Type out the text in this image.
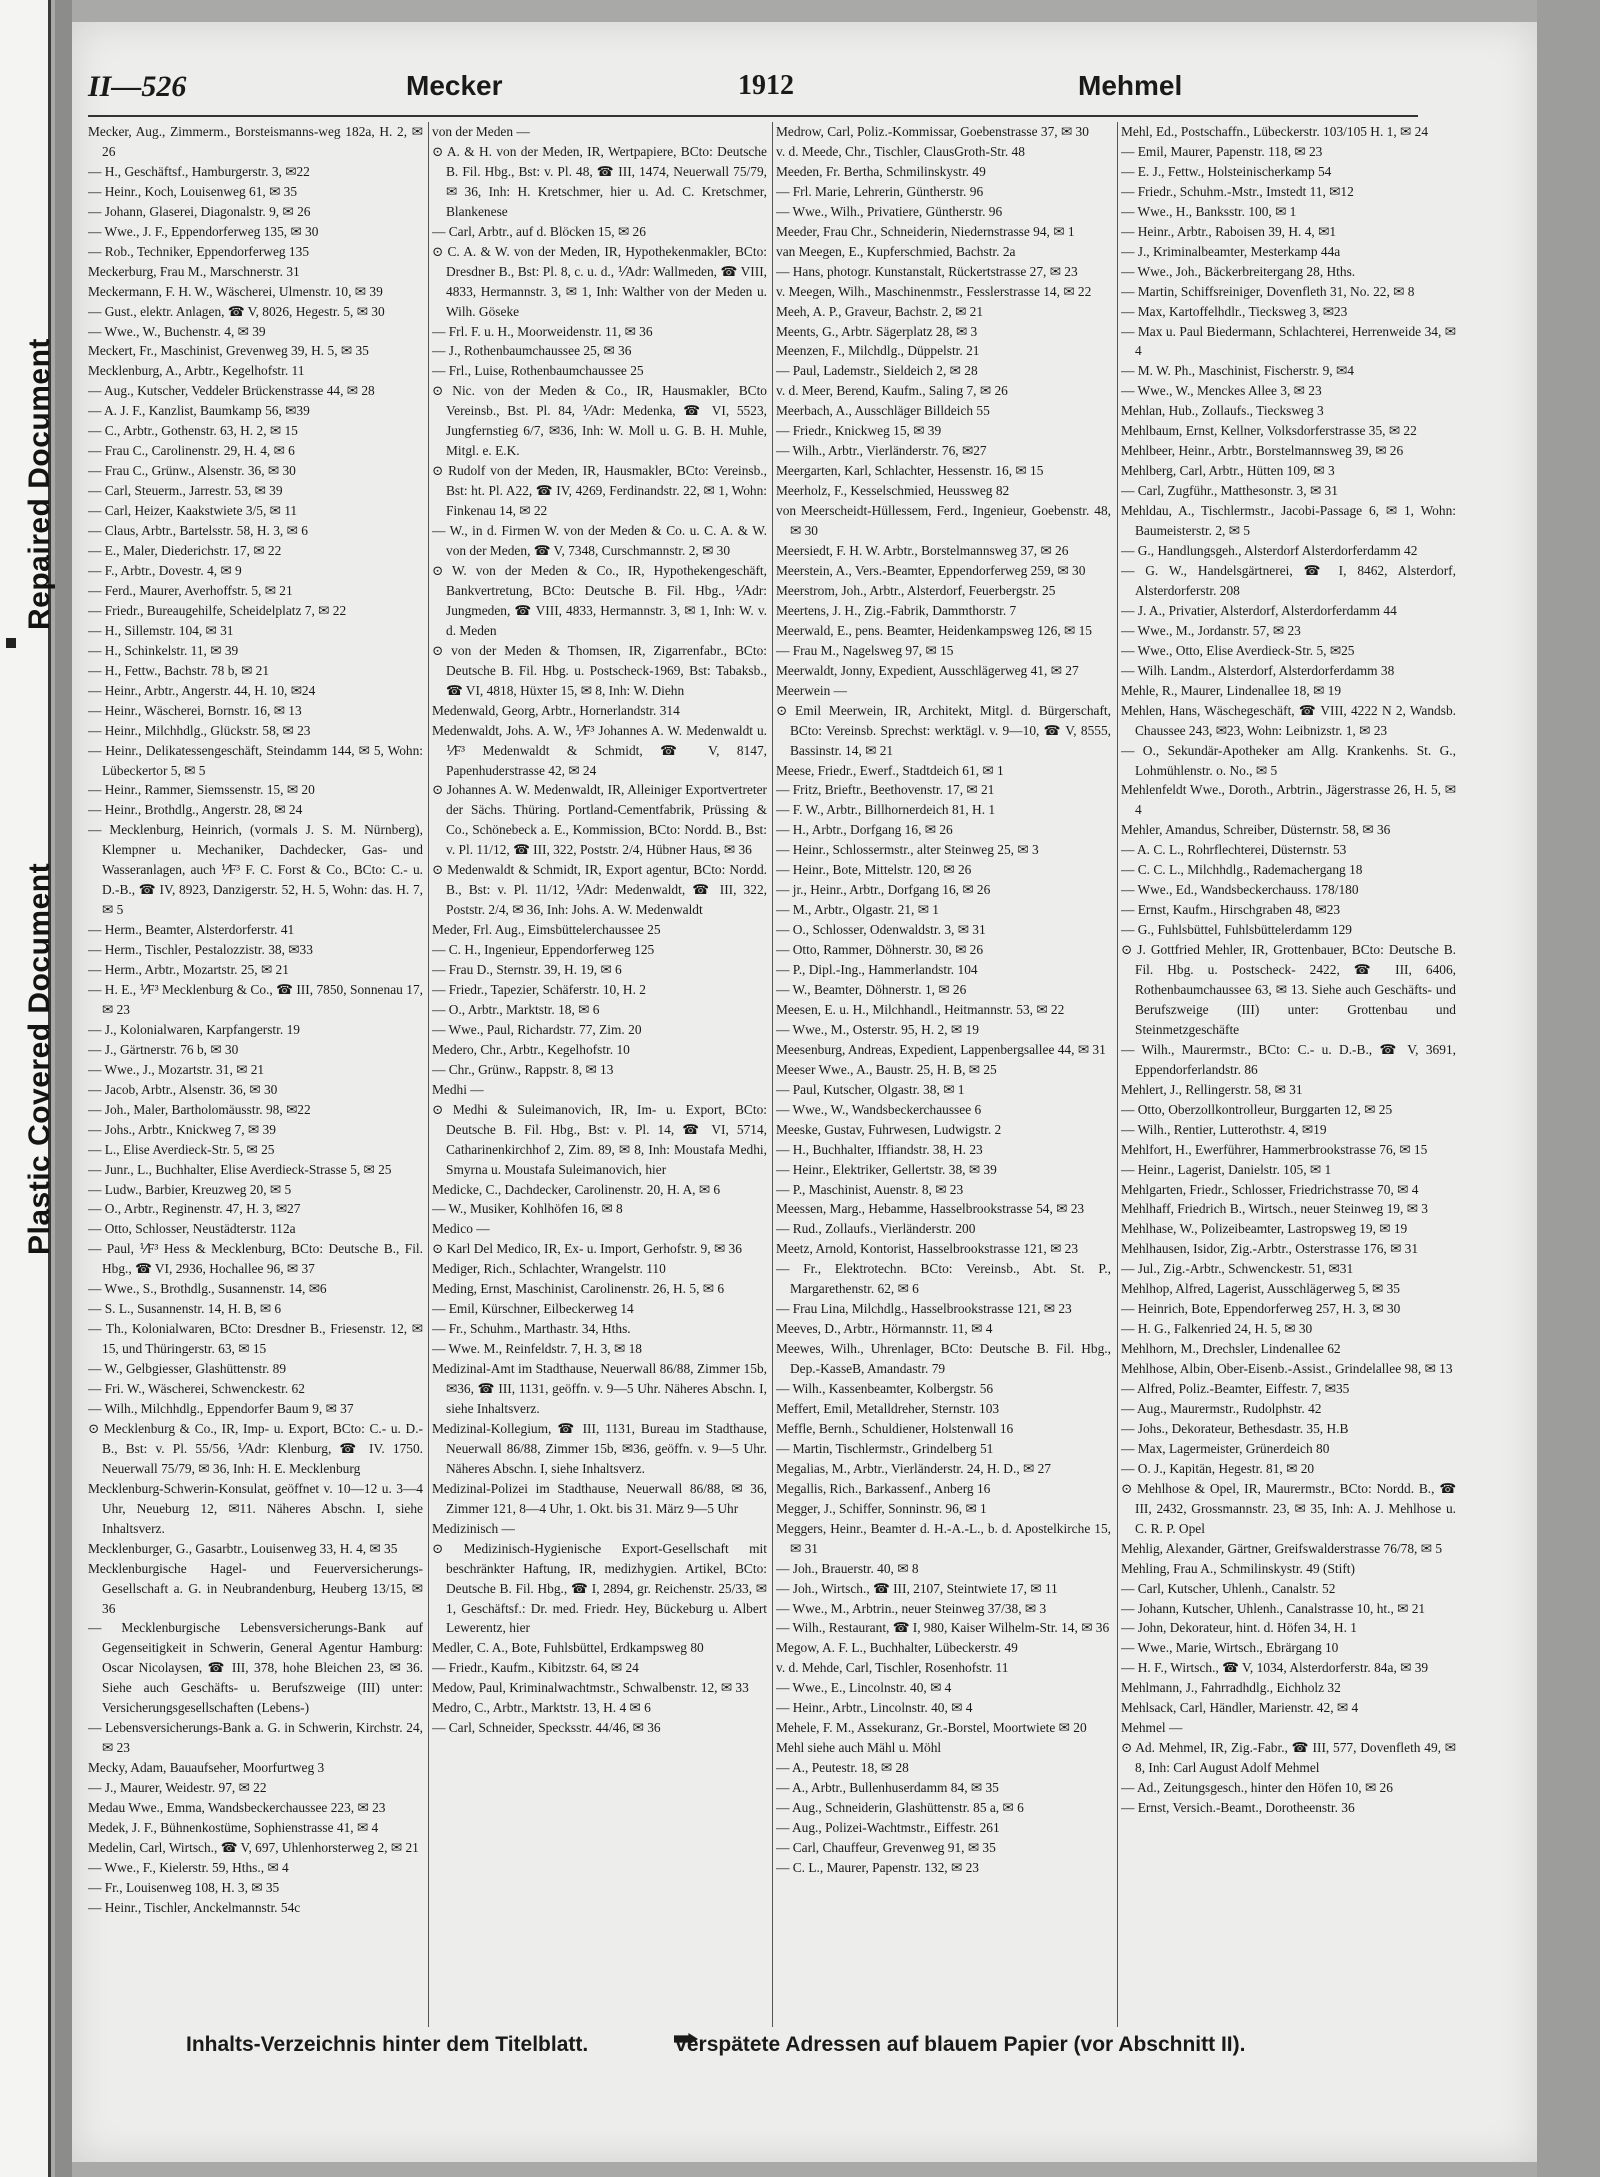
Repaired Document
Plastic Covered Document
II—526	Mecker	1912	Mehmel

Mecker, Aug., Zimmerm., Borsteismanns-weg 182a, H. 2, ✉ 26

— H., Geschäftsf., Hamburgerstr. 3, ✉22

— Heinr., Koch, Louisenweg 61, ✉ 35

— Johann, Glaserei, Diagonalstr. 9, ✉ 26

— Wwe., J. F., Eppendorferweg 135, ✉ 30

— Rob., Techniker, Eppendorferweg 135

Meckerburg, Frau M., Marschnerstr. 31

Meckermann, F. H. W., Wäscherei, Ulmenstr. 10, ✉ 39

— Gust., elektr. Anlagen, ☎ V, 8026, Hegestr. 5, ✉ 30

— Wwe., W., Buchenstr. 4, ✉ 39

Meckert, Fr., Maschinist, Grevenweg 39, H. 5, ✉ 35

Mecklenburg, A., Arbtr., Kegelhofstr. 11

— Aug., Kutscher, Veddeler Brückenstrasse 44, ✉ 28

— A. J. F., Kanzlist, Baumkamp 56, ✉39

— C., Arbtr., Gothenstr. 63, H. 2, ✉ 15

— Frau C., Carolinenstr. 29, H. 4, ✉ 6

— Frau C., Grünw., Alsenstr. 36, ✉ 30

— Carl, Steuerm., Jarrestr. 53, ✉ 39

— Carl, Heizer, Kaakstwiete 3/5, ✉ 11

— Claus, Arbtr., Bartelsstr. 58, H. 3, ✉ 6

— E., Maler, Diederichstr. 17, ✉ 22

— F., Arbtr., Dovestr. 4, ✉ 9

— Ferd., Maurer, Averhoffstr. 5, ✉ 21

— Friedr., Bureaugehilfe, Scheidelplatz 7, ✉ 22

— H., Sillemstr. 104, ✉ 31

— H., Schinkelstr. 11, ✉ 39

— H., Fettw., Bachstr. 78 b, ✉ 21

— Heinr., Arbtr., Angerstr. 44, H. 10, ✉24

— Heinr., Wäscherei, Bornstr. 16, ✉ 13

— Heinr., Milchhdlg., Glückstr. 58, ✉ 23

— Heinr., Delikatessengeschäft, Steindamm 144, ✉ 5, Wohn: Lübeckertor 5, ✉ 5

— Heinr., Rammer, Siemssenstr. 15, ✉ 20

— Heinr., Brothdlg., Angerstr. 28, ✉ 24

— Mecklenburg, Heinrich, (vormals J. S. M. Nürnberg), Klempner u. Mechaniker, Dachdecker, Gas- und Wasseranlagen, auch ⅟F³ F. C. Forst & Co., BCto: C.- u. D.-B., ☎ IV, 8923, Danzigerstr. 52, H. 5, Wohn: das. H. 7, ✉ 5

— Herm., Beamter, Alsterdorferstr. 41

— Herm., Tischler, Pestalozzistr. 38, ✉33

— Herm., Arbtr., Mozartstr. 25, ✉ 21

— H. E., ⅟F³ Mecklenburg & Co., ☎ III, 7850, Sonnenau 17, ✉ 23

— J., Kolonialwaren, Karpfangerstr. 19

— J., Gärtnerstr. 76 b, ✉ 30

— Wwe., J., Mozartstr. 31, ✉ 21

— Jacob, Arbtr., Alsenstr. 36, ✉ 30

— Joh., Maler, Bartholomäusstr. 98, ✉22

— Johs., Arbtr., Knickweg 7, ✉ 39

— L., Elise Averdieck-Str. 5, ✉ 25

— Junr., L., Buchhalter, Elise Averdieck-Strasse 5, ✉ 25

— Ludw., Barbier, Kreuzweg 20, ✉ 5

— O., Arbtr., Reginenstr. 47, H. 3, ✉27

— Otto, Schlosser, Neustädterstr. 112a

— Paul, ⅟F³ Hess & Mecklenburg, BCto: Deutsche B., Fil. Hbg., ☎ VI, 2936, Hochallee 96, ✉ 37

— Wwe., S., Brothdlg., Susannenstr. 14, ✉6

— S. L., Susannenstr. 14, H. B, ✉ 6

— Th., Kolonialwaren, BCto: Dresdner B., Friesenstr. 12, ✉ 15, und Thüringerstr. 63, ✉ 15

— W., Gelbgiesser, Glashüttenstr. 89

— Fri. W., Wäscherei, Schwenckestr. 62

— Wilh., Milchhdlg., Eppendorfer Baum 9, ✉ 37

⊙ Mecklenburg & Co., IR, Imp- u. Export, BCto: C.- u. D.-B., Bst: v. Pl. 55/56, ⅟Adr: Klenburg, ☎ IV. 1750. Neuerwall 75/79, ✉ 36, Inh: H. E. Mecklenburg

Mecklenburg-Schwerin-Konsulat, geöffnet v. 10—12 u. 3—4 Uhr, Neueburg 12, ✉11. Näheres Abschn. I, siehe Inhaltsverz.

Mecklenburger, G., Gasarbtr., Louisenweg 33, H. 4, ✉ 35

Mecklenburgische Hagel- und Feuerversicherungs-Gesellschaft a. G. in Neubrandenburg, Heuberg 13/15, ✉ 36

— Mecklenburgische Lebensversicherungs-Bank auf Gegenseitigkeit in Schwerin, General Agentur Hamburg: Oscar Nicolaysen, ☎ III, 378, hohe Bleichen 23, ✉ 36. Siehe auch Geschäfts- u. Berufszweige (III) unter: Versicherungsgesellschaften (Lebens-)

— Lebensversicherungs-Bank a. G. in Schwerin, Kirchstr. 24, ✉ 23

Mecky, Adam, Bauaufseher, Moorfurtweg 3

— J., Maurer, Weidestr. 97, ✉ 22

Medau Wwe., Emma, Wandsbeckerchaussee 223, ✉ 23

Medek, J. F., Bühnenkostüme, Sophienstrasse 41, ✉ 4

Medelin, Carl, Wirtsch., ☎ V, 697, Uhlenhorsterweg 2, ✉ 21

— Wwe., F., Kielerstr. 59, Hths., ✉ 4

— Fr., Louisenweg 108, H. 3, ✉ 35

— Heinr., Tischler, Anckelmannstr. 54c

von der Meden —

⊙ A. & H. von der Meden, IR, Wertpapiere, BCto: Deutsche B. Fil. Hbg., Bst: v. Pl. 48, ☎ III, 1474, Neuerwall 75/79, ✉ 36, Inh: H. Kretschmer, hier u. Ad. C. Kretschmer, Blankenese

— Carl, Arbtr., auf d. Blöcken 15, ✉ 26

⊙ C. A. & W. von der Meden, IR, Hypothekenmakler, BCto: Dresdner B., Bst: Pl. 8, c. u. d., ⅟Adr: Wallmeden, ☎ VIII, 4833, Hermannstr. 3, ✉ 1, Inh: Walther von der Meden u. Wilh. Göseke

— Frl. F. u. H., Moorweidenstr. 11, ✉ 36

— J., Rothenbaumchaussee 25, ✉ 36

— Frl., Luise, Rothenbaumchaussee 25

⊙ Nic. von der Meden & Co., IR, Hausmakler, BCto Vereinsb., Bst. Pl. 84, ⅟Adr: Medenka, ☎ VI, 5523, Jungfernstieg 6/7, ✉36, Inh: W. Moll u. G. B. H. Muhle, Mitgl. e. E.K.

⊙ Rudolf von der Meden, IR, Hausmakler, BCto: Vereinsb., Bst: ht. Pl. A22, ☎ IV, 4269, Ferdinandstr. 22, ✉ 1, Wohn: Finkenau 14, ✉ 22

— W., in d. Firmen W. von der Meden & Co. u. C. A. & W. von der Meden, ☎ V, 7348, Curschmannstr. 2, ✉ 30

⊙ W. von der Meden & Co., IR, Hypothekengeschäft, Bankvertretung, BCto: Deutsche B. Fil. Hbg., ⅟Adr: Jungmeden, ☎ VIII, 4833, Hermannstr. 3, ✉ 1, Inh: W. v. d. Meden

⊙ von der Meden & Thomsen, IR, Zigarrenfabr., BCto: Deutsche B. Fil. Hbg. u. Postscheck-1969, Bst: Tabaksb., ☎ VI, 4818, Hüxter 15, ✉ 8, Inh: W. Diehn

Medenwald, Georg, Arbtr., Hornerlandstr. 314

Medenwaldt, Johs. A. W., ⅟F³ Johannes A. W. Medenwaldt u. ⅟F³ Medenwaldt & Schmidt, ☎ V, 8147, Papenhuderstrasse 42, ✉ 24

⊙ Johannes A. W. Medenwaldt, IR, Alleiniger Exportvertreter der Sächs. Thüring. Portland-Cementfabrik, Prüssing & Co., Schönebeck a. E., Kommission, BCto: Nordd. B., Bst: v. Pl. 11/12, ☎ III, 322, Poststr. 2/4, Hübner Haus, ✉ 36

⊙ Medenwaldt & Schmidt, IR, Export agentur, BCto: Nordd. B., Bst: v. Pl. 11/12, ⅟Adr: Medenwaldt, ☎ III, 322, Poststr. 2/4, ✉ 36, Inh: Johs. A. W. Medenwaldt

Meder, Frl. Aug., Eimsbüttelerchaussee 25

— C. H., Ingenieur, Eppendorferweg 125

— Frau D., Sternstr. 39, H. 19, ✉ 6

— Friedr., Tapezier, Schäferstr. 10, H. 2

— O., Arbtr., Marktstr. 18, ✉ 6

— Wwe., Paul, Richardstr. 77, Zim. 20

Medero, Chr., Arbtr., Kegelhofstr. 10

— Chr., Grünw., Rappstr. 8, ✉ 13

Medhi —

⊙ Medhi & Suleimanovich, IR, Im- u. Export, BCto: Deutsche B. Fil. Hbg., Bst: v. Pl. 14, ☎ VI, 5714, Catharinenkirchhof 2, Zim. 89, ✉ 8, Inh: Moustafa Medhi, Smyrna u. Moustafa Suleimanovich, hier

Medicke, C., Dachdecker, Carolinenstr. 20, H. A, ✉ 6

— W., Musiker, Kohlhöfen 16, ✉ 8

Medico —

⊙ Karl Del Medico, IR, Ex- u. Import, Gerhofstr. 9, ✉ 36

Mediger, Rich., Schlachter, Wrangelstr. 110

Meding, Ernst, Maschinist, Carolinenstr. 26, H. 5, ✉ 6

— Emil, Kürschner, Eilbeckerweg 14

— Fr., Schuhm., Marthastr. 34, Hths.

— Wwe. M., Reinfeldstr. 7, H. 3, ✉ 18

Medizinal-Amt im Stadthause, Neuerwall 86/88, Zimmer 15b, ✉36, ☎ III, 1131, geöffn. v. 9—5 Uhr. Näheres Abschn. I, siehe Inhaltsverz.

Medizinal-Kollegium, ☎ III, 1131, Bureau im Stadthause, Neuerwall 86/88, Zimmer 15b, ✉36, geöffn. v. 9—5 Uhr. Näheres Abschn. I, siehe Inhaltsverz.

Medizinal-Polizei im Stadthause, Neuerwall 86/88, ✉ 36, Zimmer 121, 8—4 Uhr, 1. Okt. bis 31. März 9—5 Uhr

Medizinisch —

⊙ Medizinisch-Hygienische Export-Gesellschaft mit beschränkter Haftung, IR, medizhygien. Artikel, BCto: Deutsche B. Fil. Hbg., ☎ I, 2894, gr. Reichenstr. 25/33, ✉ 1, Geschäftsf.: Dr. med. Friedr. Hey, Bückeburg u. Albert Lewerentz, hier

Medler, C. A., Bote, Fuhlsbüttel, Erdkampsweg 80

— Friedr., Kaufm., Kibitzstr. 64, ✉ 24

Medow, Paul, Kriminalwachtmstr., Schwalbenstr. 12, ✉ 33

Medro, C., Arbtr., Marktstr. 13, H. 4 ✉ 6

— Carl, Schneider, Specksstr. 44/46, ✉ 36

Medrow, Carl, Poliz.-Kommissar, Goebenstrasse 37, ✉ 30

v. d. Meede, Chr., Tischler, ClausGroth-Str. 48

Meeden, Fr. Bertha, Schmilinskystr. 49

— Frl. Marie, Lehrerin, Güntherstr. 96

— Wwe., Wilh., Privatiere, Güntherstr. 96

Meeder, Frau Chr., Schneiderin, Niedernstrasse 94, ✉ 1

van Meegen, E., Kupferschmied, Bachstr. 2a

— Hans, photogr. Kunstanstalt, Rückertstrasse 27, ✉ 23

v. Meegen, Wilh., Maschinenmstr., Fesslerstrasse 14, ✉ 22

Meeh, A. P., Graveur, Bachstr. 2, ✉ 21

Meents, G., Arbtr. Sägerplatz 28, ✉ 3

Meenzen, F., Milchdlg., Düppelstr. 21

— Paul, Lademstr., Sieldeich 2, ✉ 28

v. d. Meer, Berend, Kaufm., Saling 7, ✉ 26

Meerbach, A., Ausschläger Billdeich 55

— Friedr., Knickweg 15, ✉ 39

— Wilh., Arbtr., Vierländerstr. 76, ✉27

Meergarten, Karl, Schlachter, Hessenstr. 16, ✉ 15

Meerholz, F., Kesselschmied, Heussweg 82

von Meerscheidt-Hüllessem, Ferd., Ingenieur, Goebenstr. 48, ✉ 30

Meersiedt, F. H. W. Arbtr., Borstelmannsweg 37, ✉ 26

Meerstein, A., Vers.-Beamter, Eppendorferweg 259, ✉ 30

Meerstrom, Joh., Arbtr., Alsterdorf, Feuerbergstr. 25

Meertens, J. H., Zig.-Fabrik, Dammthorstr. 7

Meerwald, E., pens. Beamter, Heidenkampsweg 126, ✉ 15

— Frau M., Nagelsweg 97, ✉ 15

Meerwaldt, Jonny, Expedient, Ausschlägerweg 41, ✉ 27

Meerwein —

⊙ Emil Meerwein, IR, Architekt, Mitgl. d. Bürgerschaft, BCto: Vereinsb. Sprechst: werktägl. v. 9—10, ☎ V, 8555, Bassinstr. 14, ✉ 21

Meese, Friedr., Ewerf., Stadtdeich 61, ✉ 1

— Fritz, Brieftr., Beethovenstr. 17, ✉ 21

— F. W., Arbtr., Billhornerdeich 81, H. 1

— H., Arbtr., Dorfgang 16, ✉ 26

— Heinr., Schlossermstr., alter Steinweg 25, ✉ 3

— Heinr., Bote, Mittelstr. 120, ✉ 26

— jr., Heinr., Arbtr., Dorfgang 16, ✉ 26

— M., Arbtr., Olgastr. 21, ✉ 1

— O., Schlosser, Odenwaldstr. 3, ✉ 31

— Otto, Rammer, Döhnerstr. 30, ✉ 26

— P., Dipl.-Ing., Hammerlandstr. 104

— W., Beamter, Döhnerstr. 1, ✉ 26

Meesen, E. u. H., Milchhandl., Heitmannstr. 53, ✉ 22

— Wwe., M., Osterstr. 95, H. 2, ✉ 19

Meesenburg, Andreas, Expedient, Lappenbergsallee 44, ✉ 31

Meeser Wwe., A., Baustr. 25, H. B, ✉ 25

— Paul, Kutscher, Olgastr. 38, ✉ 1

— Wwe., W., Wandsbeckerchaussee 6

Meeske, Gustav, Fuhrwesen, Ludwigstr. 2

— H., Buchhalter, Iffiandstr. 38, H. 23

— Heinr., Elektriker, Gellertstr. 38, ✉ 39

— P., Maschinist, Auenstr. 8, ✉ 23

Meessen, Marg., Hebamme, Hasselbrookstrasse 54, ✉ 23

— Rud., Zollaufs., Vierländerstr. 200

Meetz, Arnold, Kontorist, Hasselbrookstrasse 121, ✉ 23

— Fr., Elektrotechn. BCto: Vereinsb., Abt. St. P., Margarethenstr. 62, ✉ 6

— Frau Lina, Milchdlg., Hasselbrookstrasse 121, ✉ 23

Meeves, D., Arbtr., Hörmannstr. 11, ✉ 4

Meewes, Wilh., Uhrenlager, BCto: Deutsche B. Fil. Hbg., Dep.-KasseB, Amandastr. 79

— Wilh., Kassenbeamter, Kolbergstr. 56

Meffert, Emil, Metalldreher, Sternstr. 103

Meffle, Bernh., Schuldiener, Holstenwall 16

— Martin, Tischlermstr., Grindelberg 51

Megalias, M., Arbtr., Vierländerstr. 24, H. D., ✉ 27

Megallis, Rich., Barkassenf., Anberg 16

Megger, J., Schiffer, Sonninstr. 96, ✉ 1

Meggers, Heinr., Beamter d. H.-A.-L., b. d. Apostelkirche 15, ✉ 31

— Joh., Brauerstr. 40, ✉ 8

— Joh., Wirtsch., ☎ III, 2107, Steintwiete 17, ✉ 11

— Wwe., M., Arbtrin., neuer Steinweg 37/38, ✉ 3

— Wilh., Restaurant, ☎ I, 980, Kaiser Wilhelm-Str. 14, ✉ 36

Megow, A. F. L., Buchhalter, Lübeckerstr. 49

v. d. Mehde, Carl, Tischler, Rosenhofstr. 11

— Wwe., E., Lincolnstr. 40, ✉ 4

— Heinr., Arbtr., Lincolnstr. 40, ✉ 4

Mehele, F. M., Assekuranz, Gr.-Borstel, Moortwiete ✉ 20

Mehl siehe auch Mähl u. Möhl

— A., Peutestr. 18, ✉ 28

— A., Arbtr., Bullenhuserdamm 84, ✉ 35

— Aug., Schneiderin, Glashüttenstr. 85 a, ✉ 6

— Aug., Polizei-Wachtmstr., Eiffestr. 261

— Carl, Chauffeur, Grevenweg 91, ✉ 35

— C. L., Maurer, Papenstr. 132, ✉ 23

Mehl, Ed., Postschaffn., Lübeckerstr. 103/105 H. 1, ✉ 24

— Emil, Maurer, Papenstr. 118, ✉ 23

— E. J., Fettw., Holsteinischerkamp 54

— Friedr., Schuhm.-Mstr., Imstedt 11, ✉12

— Wwe., H., Banksstr. 100, ✉ 1

— Heinr., Arbtr., Raboisen 39, H. 4, ✉1

— J., Kriminalbeamter, Mesterkamp 44a

— Wwe., Joh., Bäckerbreitergang 28, Hths.

— Martin, Schiffsreiniger, Dovenfleth 31, No. 22, ✉ 8

— Max, Kartoffelhdlr., Tiecksweg 3, ✉23

— Max u. Paul Biedermann, Schlachterei, Herrenweide 34, ✉ 4

— M. W. Ph., Maschinist, Fischerstr. 9, ✉4

— Wwe., W., Menckes Allee 3, ✉ 23

Mehlan, Hub., Zollaufs., Tiecksweg 3

Mehlbaum, Ernst, Kellner, Volksdorferstrasse 35, ✉ 22

Mehlbeer, Heinr., Arbtr., Borstelmannsweg 39, ✉ 26

Mehlberg, Carl, Arbtr., Hütten 109, ✉ 3

— Carl, Zugführ., Matthesonstr. 3, ✉ 31

Mehldau, A., Tischlermstr., Jacobi-Passage 6, ✉ 1, Wohn: Baumeisterstr. 2, ✉ 5

— G., Handlungsgeh., Alsterdorf Alsterdorferdamm 42

— G. W., Handelsgärtnerei, ☎ I, 8462, Alsterdorf, Alsterdorferstr. 208

— J. A., Privatier, Alsterdorf, Alsterdorferdamm 44

— Wwe., M., Jordanstr. 57, ✉ 23

— Wwe., Otto, Elise Averdieck-Str. 5, ✉25

— Wilh. Landm., Alsterdorf, Alsterdorferdamm 38

Mehle, R., Maurer, Lindenallee 18, ✉ 19

Mehlen, Hans, Wäschegeschäft, ☎ VIII, 4222 N 2, Wandsb. Chaussee 243, ✉23, Wohn: Leibnizstr. 1, ✉ 23

— O., Sekundär-Apotheker am Allg. Krankenhs. St. G., Lohmühlenstr. o. No., ✉ 5

Mehlenfeldt Wwe., Doroth., Arbtrin., Jägerstrasse 26, H. 5, ✉ 4

Mehler, Amandus, Schreiber, Düsternstr. 58, ✉ 36

— A. C. L., Rohrflechterei, Düsternstr. 53

— C. C. L., Milchhdlg., Rademachergang 18

— Wwe., Ed., Wandsbeckerchauss. 178/180

— Ernst, Kaufm., Hirschgraben 48, ✉23

— G., Fuhlsbüttel, Fuhlsbüttelerdamm 129

⊙ J. Gottfried Mehler, IR, Grottenbauer, BCto: Deutsche B. Fil. Hbg. u. Postscheck- 2422, ☎ III, 6406, Rothenbaumchaussee 63, ✉ 13. Siehe auch Geschäfts- und Berufszweige (III) unter: Grottenbau und Steinmetzgeschäfte

— Wilh., Maurermstr., BCto: C.- u. D.-B., ☎ V, 3691, Eppendorferlandstr. 86

Mehlert, J., Rellingerstr. 58, ✉ 31

— Otto, Oberzollkontrolleur, Burggarten 12, ✉ 25

— Wilh., Rentier, Lutterothstr. 4, ✉19

Mehlfort, H., Ewerführer, Hammerbrookstrasse 76, ✉ 15

— Heinr., Lagerist, Danielstr. 105, ✉ 1

Mehlgarten, Friedr., Schlosser, Friedrichstrasse 70, ✉ 4

Mehlhaff, Friedrich B., Wirtsch., neuer Steinweg 19, ✉ 3

Mehlhase, W., Polizeibeamter, Lastropsweg 19, ✉ 19

Mehlhausen, Isidor, Zig.-Arbtr., Osterstrasse 176, ✉ 31

— Jul., Zig.-Arbtr., Schwenckestr. 51, ✉31

Mehlhop, Alfred, Lagerist, Ausschlägerweg 5, ✉ 35

— Heinrich, Bote, Eppendorferweg 257, H. 3, ✉ 30

— H. G., Falkenried 24, H. 5, ✉ 30

Mehlhorn, M., Drechsler, Lindenallee 62

Mehlhose, Albin, Ober-Eisenb.-Assist., Grindelallee 98, ✉ 13

— Alfred, Poliz.-Beamter, Eiffestr. 7, ✉35

— Aug., Maurermstr., Rudolphstr. 42

— Johs., Dekorateur, Bethesdastr. 35, H.B

— Max, Lagermeister, Grünerdeich 80

— O. J., Kapitän, Hegestr. 81, ✉ 20

⊙ Mehlhose & Opel, IR, Maurermstr., BCto: Nordd. B., ☎ III, 2432, Grossmannstr. 23, ✉ 35, Inh: A. J. Mehlhose u. C. R. P. Opel

Mehlig, Alexander, Gärtner, Greifswalderstrasse 76/78, ✉ 5

Mehling, Frau A., Schmilinskystr. 49 (Stift)

— Carl, Kutscher, Uhlenh., Canalstr. 52

— Johann, Kutscher, Uhlenh., Canalstrasse 10, ht., ✉ 21

— John, Dekorateur, hint. d. Höfen 34, H. 1

— Wwe., Marie, Wirtsch., Ebrärgang 10

— H. F., Wirtsch., ☎ V, 1034, Alsterdorferstr. 84a, ✉ 39

Mehlmann, J., Fahrradhdlg., Eichholz 32

Mehlsack, Carl, Händler, Marienstr. 42, ✉ 4

Mehmel —

⊙ Ad. Mehmel, IR, Zig.-Fabr., ☎ III, 577, Dovenfleth 49, ✉ 8, Inh: Carl August Adolf Mehmel

— Ad., Zeitungsgesch., hinter den Höfen 10, ✉ 26

— Ernst, Versich.-Beamt., Dorotheenstr. 36

Inhalts-Verzeichnis hinter dem Titelblatt.	Verspätete Adressen auf blauem Papier (vor Abschnitt II).
